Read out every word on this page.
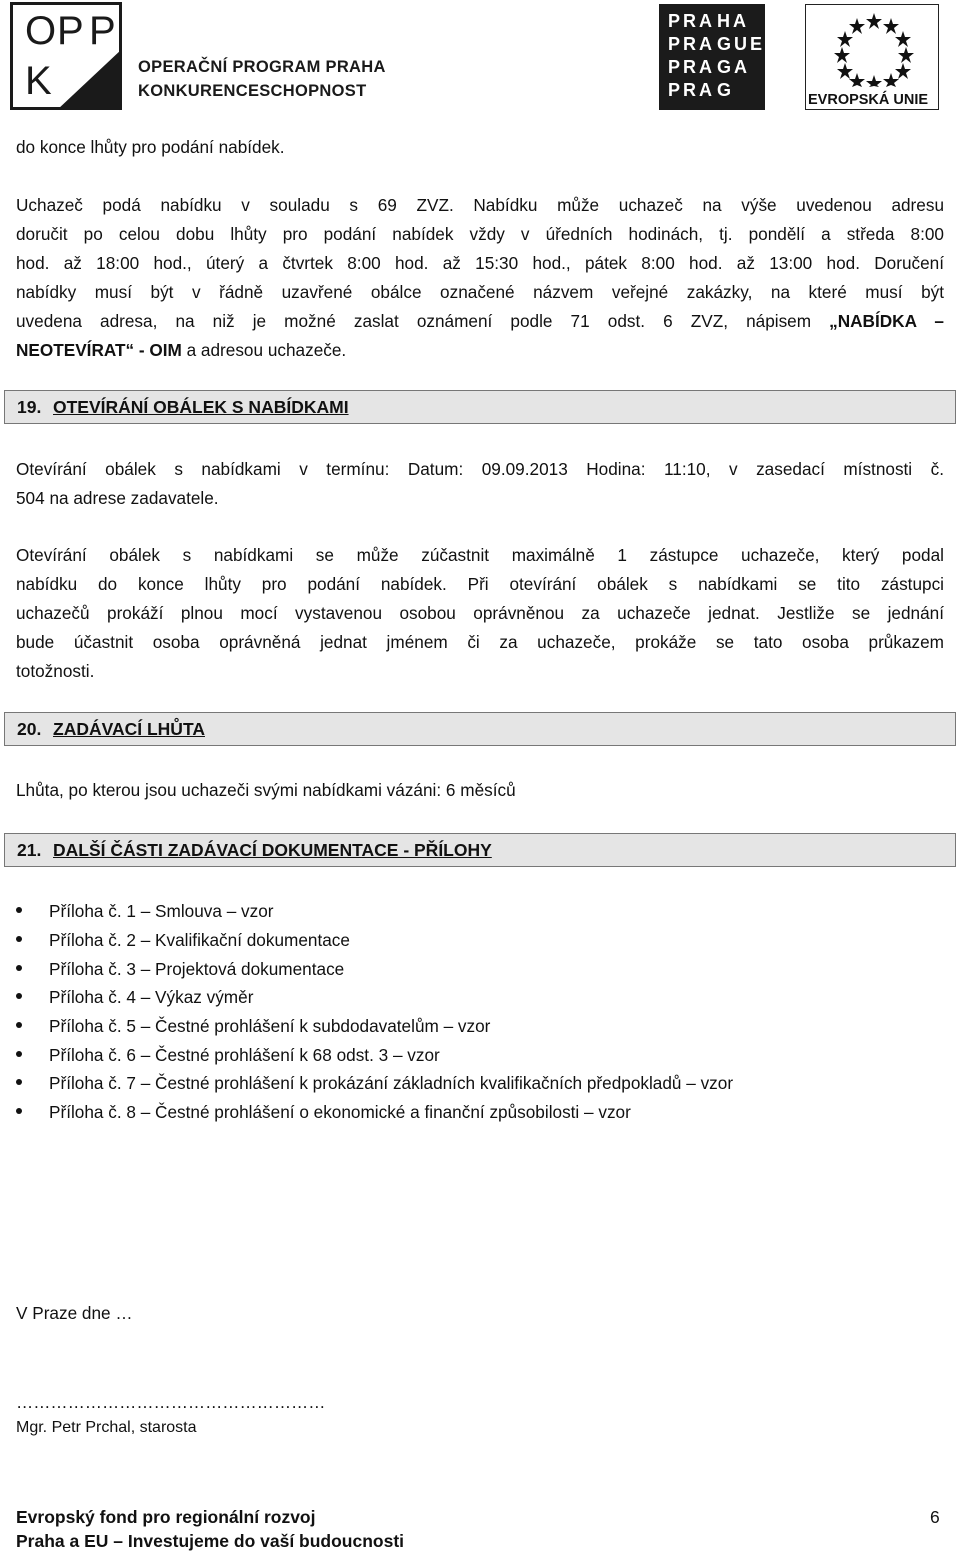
O
P P
K	OPERAČNÍ PROGRAM PRAHA
KONKURENCESCHOPNOST
PRA HA
PRA GUE
PRA GA
PRA G	EVROPSKÁ UNIE
do konce lhůty pro podání nabídek.
Uchazeč podá nabídku v souladu s 69 ZVZ. Nabídku může uchazeč na výše uvedenou adresu
doručit po celou dobu lhůty pro podání nabídek vždy v úředních hodinách, tj. pondělí a středa 8:00
hod. až 18:00 hod., úterý a čtvrtek 8:00 hod. až 15:30 hod., pátek 8:00 hod. až 13:00 hod. Doručení
nabídky musí být v řádně uzavřené obálce označené názvem veřejné zakázky, na které musí být
uvedena adresa, na niž je možné zaslat oznámení podle 71 odst. 6 ZVZ, nápisem „NABÍDKA –
NEOTEVÍRAT“ - OIM a adresou uchazeče.
19. OTEVÍRÁNÍ OBÁLEK S NABÍDKAMI
Otevírání obálek s nabídkami v termínu: Datum: 09.09.2013 Hodina: 11:10, v zasedací místnosti č.
504 na adrese zadavatele.
Otevírání obálek s nabídkami se může zúčastnit maximálně 1 zástupce uchazeče, který podal
nabídku do konce lhůty pro podání nabídek. Při otevírání obálek s nabídkami se tito zástupci
uchazečů prokáží plnou mocí vystavenou osobou oprávněnou za uchazeče jednat. Jestliže se jednání
bude účastnit osoba oprávněná jednat jménem či za uchazeče, prokáže se tato osoba průkazem
totožnosti.
20. ZADÁVACÍ LHŮTA
Lhůta, po kterou jsou uchazeči svými nabídkami vázáni: 6 měsíců
21. DALŠÍ ČÁSTI ZADÁVACÍ DOKUMENTACE - PŘÍLOHY
Příloha č. 1 – Smlouva – vzor
Příloha č. 2 – Kvalifikační dokumentace
Příloha č. 3 – Projektová dokumentace
Příloha č. 4 – Výkaz výměr
Příloha č. 5 – Čestné prohlášení k subdodavatelům – vzor
Příloha č. 6 – Čestné prohlášení k 68 odst. 3 – vzor
Příloha č. 7 – Čestné prohlášení k prokázání základních kvalifikačních předpokladů – vzor
Příloha č. 8 – Čestné prohlášení o ekonomické a finanční způsobilosti – vzor
V Praze dne …
………………………………………………
Mgr. Petr Prchal, starosta
Evropský fond pro regionální rozvoj
Praha a EU – Investujeme do vaší budoucnosti
6
